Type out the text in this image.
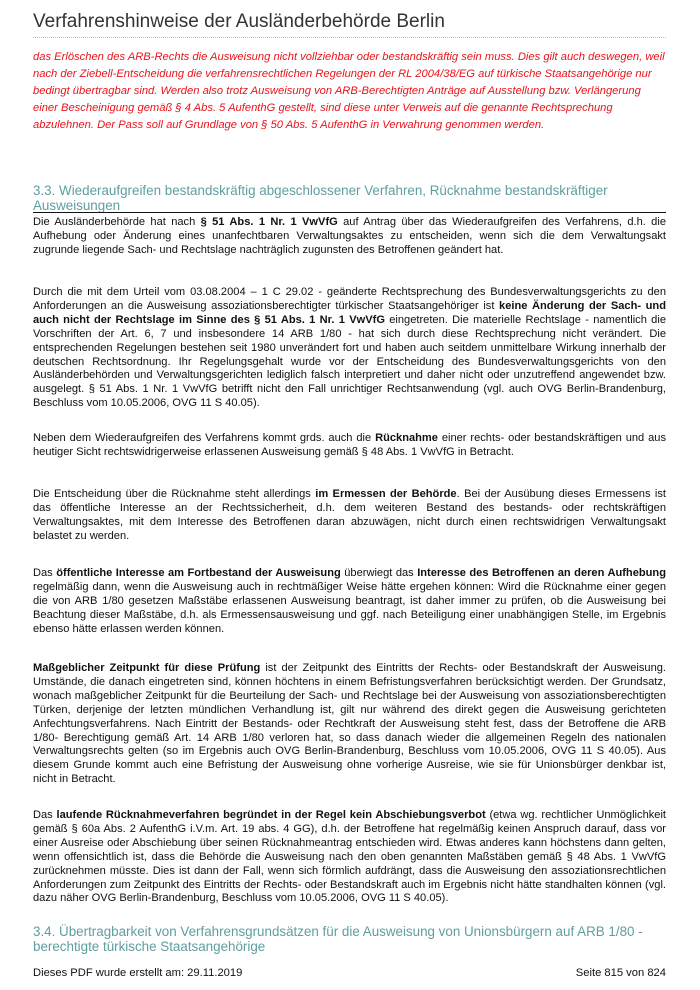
Verfahrenshinweise der Ausländerbehörde Berlin

das Erlöschen des ARB-Rechts die Ausweisung nicht vollziehbar oder bestandskräftig sein muss. Dies gilt auch deswegen, weil nach der Ziebell-Entscheidung die verfahrensrechtlichen Regelungen der RL 2004/38/EG auf türkische Staatsangehörige nur bedingt übertragbar sind. Werden also trotz Ausweisung von ARB-Berechtigten Anträge auf Ausstellung bzw. Verlängerung einer Bescheinigung gemäß § 4 Abs. 5 AufenthG gestellt, sind diese unter Verweis auf die genannte Rechtsprechung abzulehnen. Der Pass soll auf Grundlage von § 50 Abs. 5 AufenthG in Verwahrung genommen werden.

3.3. Wiederaufgreifen bestandskräftig abgeschlossener Verfahren, Rücknahme bestandskräftiger Ausweisungen

Die Ausländerbehörde hat nach § 51 Abs. 1 Nr. 1 VwVfG auf Antrag über das Wiederaufgreifen des Verfahrens, d.h. die Aufhebung oder Änderung eines unanfechtbaren Verwaltungsaktes zu entscheiden, wenn sich die dem Verwaltungsakt zugrunde liegende Sach- und Rechtslage nachträglich zugunsten des Betroffenen geändert hat.

Durch die mit dem Urteil vom 03.08.2004 – 1 C 29.02 - geänderte Rechtsprechung des Bundesverwaltungsgerichts zu den Anforderungen an die Ausweisung assoziationsberechtigter türkischer Staatsangehöriger ist keine Änderung der Sach- und auch nicht der Rechtslage im Sinne des § 51 Abs. 1 Nr. 1 VwVfG eingetreten. Die materielle Rechtslage - namentlich die Vorschriften der Art. 6, 7 und insbesondere 14 ARB 1/80 - hat sich durch diese Rechtsprechung nicht verändert. Die entsprechenden Regelungen bestehen seit 1980 unverändert fort und haben auch seitdem unmittelbare Wirkung innerhalb der deutschen Rechtsordnung. Ihr Regelungsgehalt wurde vor der Entscheidung des Bundesverwaltungsgerichts von den Ausländerbehörden und Verwaltungsgerichten lediglich falsch interpretiert und daher nicht oder unzutreffend angewendet bzw. ausgelegt. § 51 Abs. 1 Nr. 1 VwVfG betrifft nicht den Fall unrichtiger Rechtsanwendung (vgl. auch OVG Berlin-Brandenburg, Beschluss vom 10.05.2006, OVG 11 S 40.05).

Neben dem Wiederaufgreifen des Verfahrens kommt grds. auch die Rücknahme einer rechts- oder bestandskräftigen und aus heutiger Sicht rechtswidrigerweise erlassenen Ausweisung gemäß § 48 Abs. 1 VwVfG in Betracht.

Die Entscheidung über die Rücknahme steht allerdings im Ermessen der Behörde. Bei der Ausübung dieses Ermessens ist das öffentliche Interesse an der Rechtssicherheit, d.h. dem weiteren Bestand des bestands- oder rechtskräftigen Verwaltungsaktes, mit dem Interesse des Betroffenen daran abzuwägen, nicht durch einen rechtswidrigen Verwaltungsakt belastet zu werden.

Das öffentliche Interesse am Fortbestand der Ausweisung überwiegt das Interesse des Betroffenen an deren Aufhebung regelmäßig dann, wenn die Ausweisung auch in rechtmäßiger Weise hätte ergehen können: Wird die Rücknahme einer gegen die von ARB 1/80 gesetzen Maßstäbe erlassenen Ausweisung beantragt, ist daher immer zu prüfen, ob die Ausweisung bei Beachtung dieser Maßstäbe, d.h. als Ermessensausweisung und ggf. nach Beteiligung einer unabhängigen Stelle, im Ergebnis ebenso hätte erlassen werden können.

Maßgeblicher Zeitpunkt für diese Prüfung ist der Zeitpunkt des Eintritts der Rechts- oder Bestandskraft der Ausweisung. Umstände, die danach eingetreten sind, können höchtens in einem Befristungsverfahren berücksichtigt werden. Der Grundsatz, wonach maßgeblicher Zeitpunkt für die Beurteilung der Sach- und Rechtslage bei der Ausweisung von assoziationsberechtigten Türken, derjenige der letzten mündlichen Verhandlung ist, gilt nur während des direkt gegen die Ausweisung gerichteten Anfechtungsverfahrens. Nach Eintritt der Bestands- oder Rechtkraft der Ausweisung steht fest, dass der Betroffene die ARB 1/80- Berechtigung gemäß Art. 14 ARB 1/80 verloren hat, so dass danach wieder die allgemeinen Regeln des nationalen Verwaltungsrechts gelten (so im Ergebnis auch OVG Berlin-Brandenburg, Beschluss vom 10.05.2006, OVG 11 S 40.05). Aus diesem Grunde kommt auch eine Befristung der Ausweisung ohne vorherige Ausreise, wie sie für Unionsbürger denkbar ist, nicht in Betracht.

Das laufende Rücknahmeverfahren begründet in der Regel kein Abschiebungsverbot (etwa wg. rechtlicher Unmöglichkeit gemäß § 60a Abs. 2 AufenthG i.V.m. Art. 19 abs. 4 GG), d.h. der Betroffene hat regelmäßig keinen Anspruch darauf, dass vor einer Ausreise oder Abschiebung über seinen Rücknahmeantrag entschieden wird. Etwas anderes kann höchstens dann gelten, wenn offensichtlich ist, dass die Behörde die Ausweisung nach den oben genannten Maßstäben gemäß § 48 Abs. 1 VwVfG zurücknehmen müsste. Dies ist dann der Fall, wenn sich förmlich aufdrängt, dass die Ausweisung den assoziationsrechtlichen Anforderungen zum Zeitpunkt des Eintritts der Rechts- oder Bestandskraft auch im Ergebnis nicht hätte standhalten können (vgl. dazu näher OVG Berlin-Brandenburg, Beschluss vom 10.05.2006, OVG 11 S 40.05).

3.4. Übertragbarkeit von Verfahrensgrundsätzen für die Ausweisung von Unionsbürgern auf ARB 1/80 - berechtigte türkische Staatsangehörige

Dieses PDF wurde erstellt am: 29.11.2019	Seite 815 von 824
